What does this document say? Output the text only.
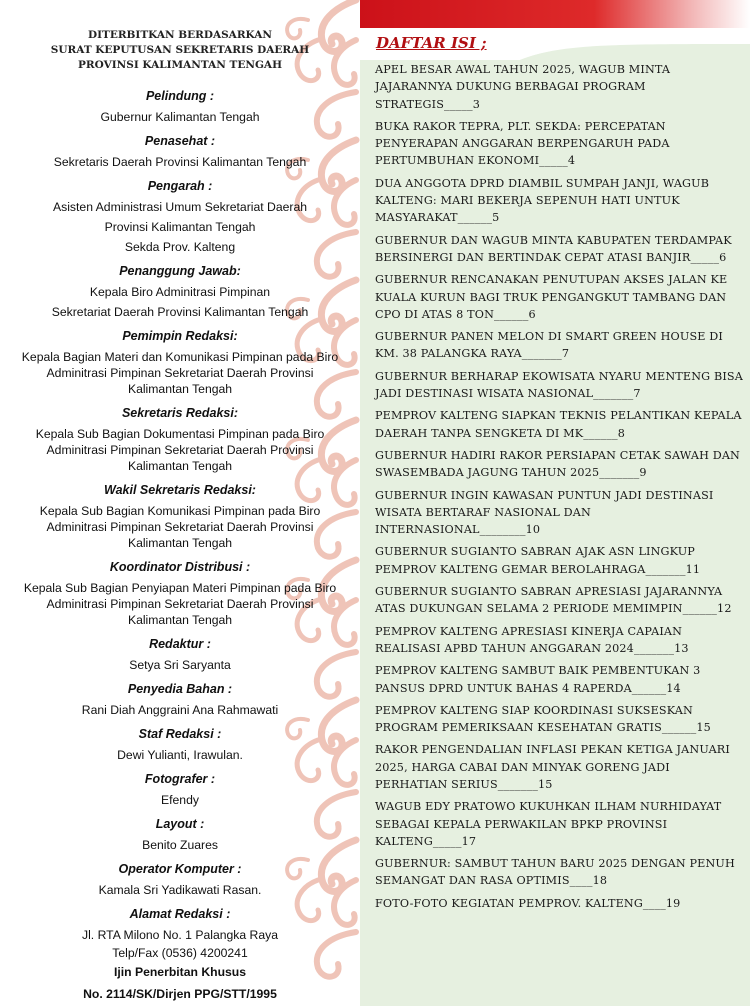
DITERBITKAN BERDASARKAN
SURAT KEPUTUSAN SEKRETARIS DAERAH
PROVINSI KALIMANTAN TENGAH
Pelindung :
Gubernur Kalimantan Tengah
Penasehat :
Sekretaris Daerah Provinsi Kalimantan Tengah
Pengarah :
Asisten Administrasi Umum Sekretariat Daerah
Provinsi Kalimantan Tengah
Sekda Prov. Kalteng
Penanggung Jawab:
Kepala Biro Adminitrasi Pimpinan
Sekretariat Daerah Provinsi Kalimantan Tengah
Pemimpin Redaksi:
Kepala Bagian Materi dan Komunikasi Pimpinan pada Biro Adminitrasi Pimpinan Sekretariat Daerah Provinsi Kalimantan Tengah
Sekretaris Redaksi:
Kepala Sub Bagian Dokumentasi Pimpinan pada Biro Adminitrasi Pimpinan Sekretariat Daerah Provinsi Kalimantan Tengah
Wakil Sekretaris Redaksi:
Kepala Sub Bagian Komunikasi Pimpinan pada Biro Adminitrasi Pimpinan Sekretariat Daerah Provinsi Kalimantan Tengah
Koordinator Distribusi :
Kepala Sub Bagian Penyiapan Materi Pimpinan pada Biro Adminitrasi Pimpinan Sekretariat Daerah Provinsi Kalimantan Tengah
Redaktur :
Setya Sri Saryanta
Penyedia Bahan :
Rani Diah Anggraini Ana Rahmawati
Staf Redaksi :
Dewi Yulianti, Irawulan.
Fotografer :
Efendy
Layout :
Benito Zuares
Operator Komputer :
Kamala Sri Yadikawati Rasan.
Alamat Redaksi :
Jl. RTA Milono No. 1 Palangka Raya
Telp/Fax (0536) 4200241
Ijin Penerbitan Khusus
No. 2114/SK/Dirjen PPG/STT/1995
DAFTAR ISI ;
APEL BESAR AWAL TAHUN 2025, WAGUB MINTA JAJARANNYA DUKUNG BERBAGAI PROGRAM STRATEGIS_____3
BUKA RAKOR TEPRA, PLT. SEKDA: PERCEPATAN PENYERAPAN ANGGARAN BERPENGARUH PADA PERTUMBUHAN EKONOMI_____4
DUA ANGGOTA DPRD DIAMBIL SUMPAH JANJI, WAGUB KALTENG: MARI BEKERJA SEPENUH HATI UNTUK MASYARAKAT______5
GUBERNUR DAN WAGUB MINTA KABUPATEN TERDAMPAK BERSINERGI DAN BERTINDAK CEPAT ATASI BANJIR_____6
GUBERNUR RENCANAKAN PENUTUPAN AKSES JALAN KE KUALA KURUN BAGI TRUK PENGANGKUT TAMBANG DAN CPO DI ATAS 8 TON______6
GUBERNUR PANEN MELON DI SMART GREEN HOUSE DI KM. 38 PALANGKA RAYA_______7
GUBERNUR BERHARAP EKOWISATA NYARU MENTENG BISA JADI DESTINASI WISATA NASIONAL_______7
PEMPROV KALTENG SIAPKAN TEKNIS PELANTIKAN KEPALA DAERAH TANPA SENGKETA DI MK______8
GUBERNUR HADIRI RAKOR PERSIAPAN CETAK SAWAH DAN SWASEMBADA JAGUNG TAHUN 2025_______9
GUBERNUR INGIN KAWASAN PUNTUN JADI DESTINASI WISATA BERTARAF NASIONAL DAN INTERNASIONAL________10
GUBERNUR SUGIANTO SABRAN AJAK ASN LINGKUP PEMPROV KALTENG GEMAR BEROLAHRAGA_______11
GUBERNUR SUGIANTO SABRAN APRESIASI JAJARANNYA ATAS DUKUNGAN SELAMA 2 PERIODE MEMIMPIN______12
PEMPROV KALTENG APRESIASI KINERJA CAPAIAN REALISASI APBD TAHUN ANGGARAN 2024_______13
PEMPROV KALTENG SAMBUT BAIK PEMBENTUKAN 3 PANSUS DPRD UNTUK BAHAS 4 RAPERDA______14
PEMPROV KALTENG SIAP KOORDINASI SUKSESKAN PROGRAM PEMERIKSAAN KESEHATAN GRATIS______15
RAKOR PENGENDALIAN INFLASI PEKAN KETIGA JANUARI 2025, HARGA CABAI DAN MINYAK GORENG JADI PERHATIAN SERIUS_______15
WAGUB EDY PRATOWO KUKUHKAN ILHAM NURHIDAYAT SEBAGAI KEPALA PERWAKILAN BPKP PROVINSI KALTENG_____17
GUBERNUR: SAMBUT TAHUN BARU 2025 DENGAN PENUH SEMANGAT DAN RASA OPTIMIS____18
FOTO-FOTO KEGIATAN PEMPROV. KALTENG____19
